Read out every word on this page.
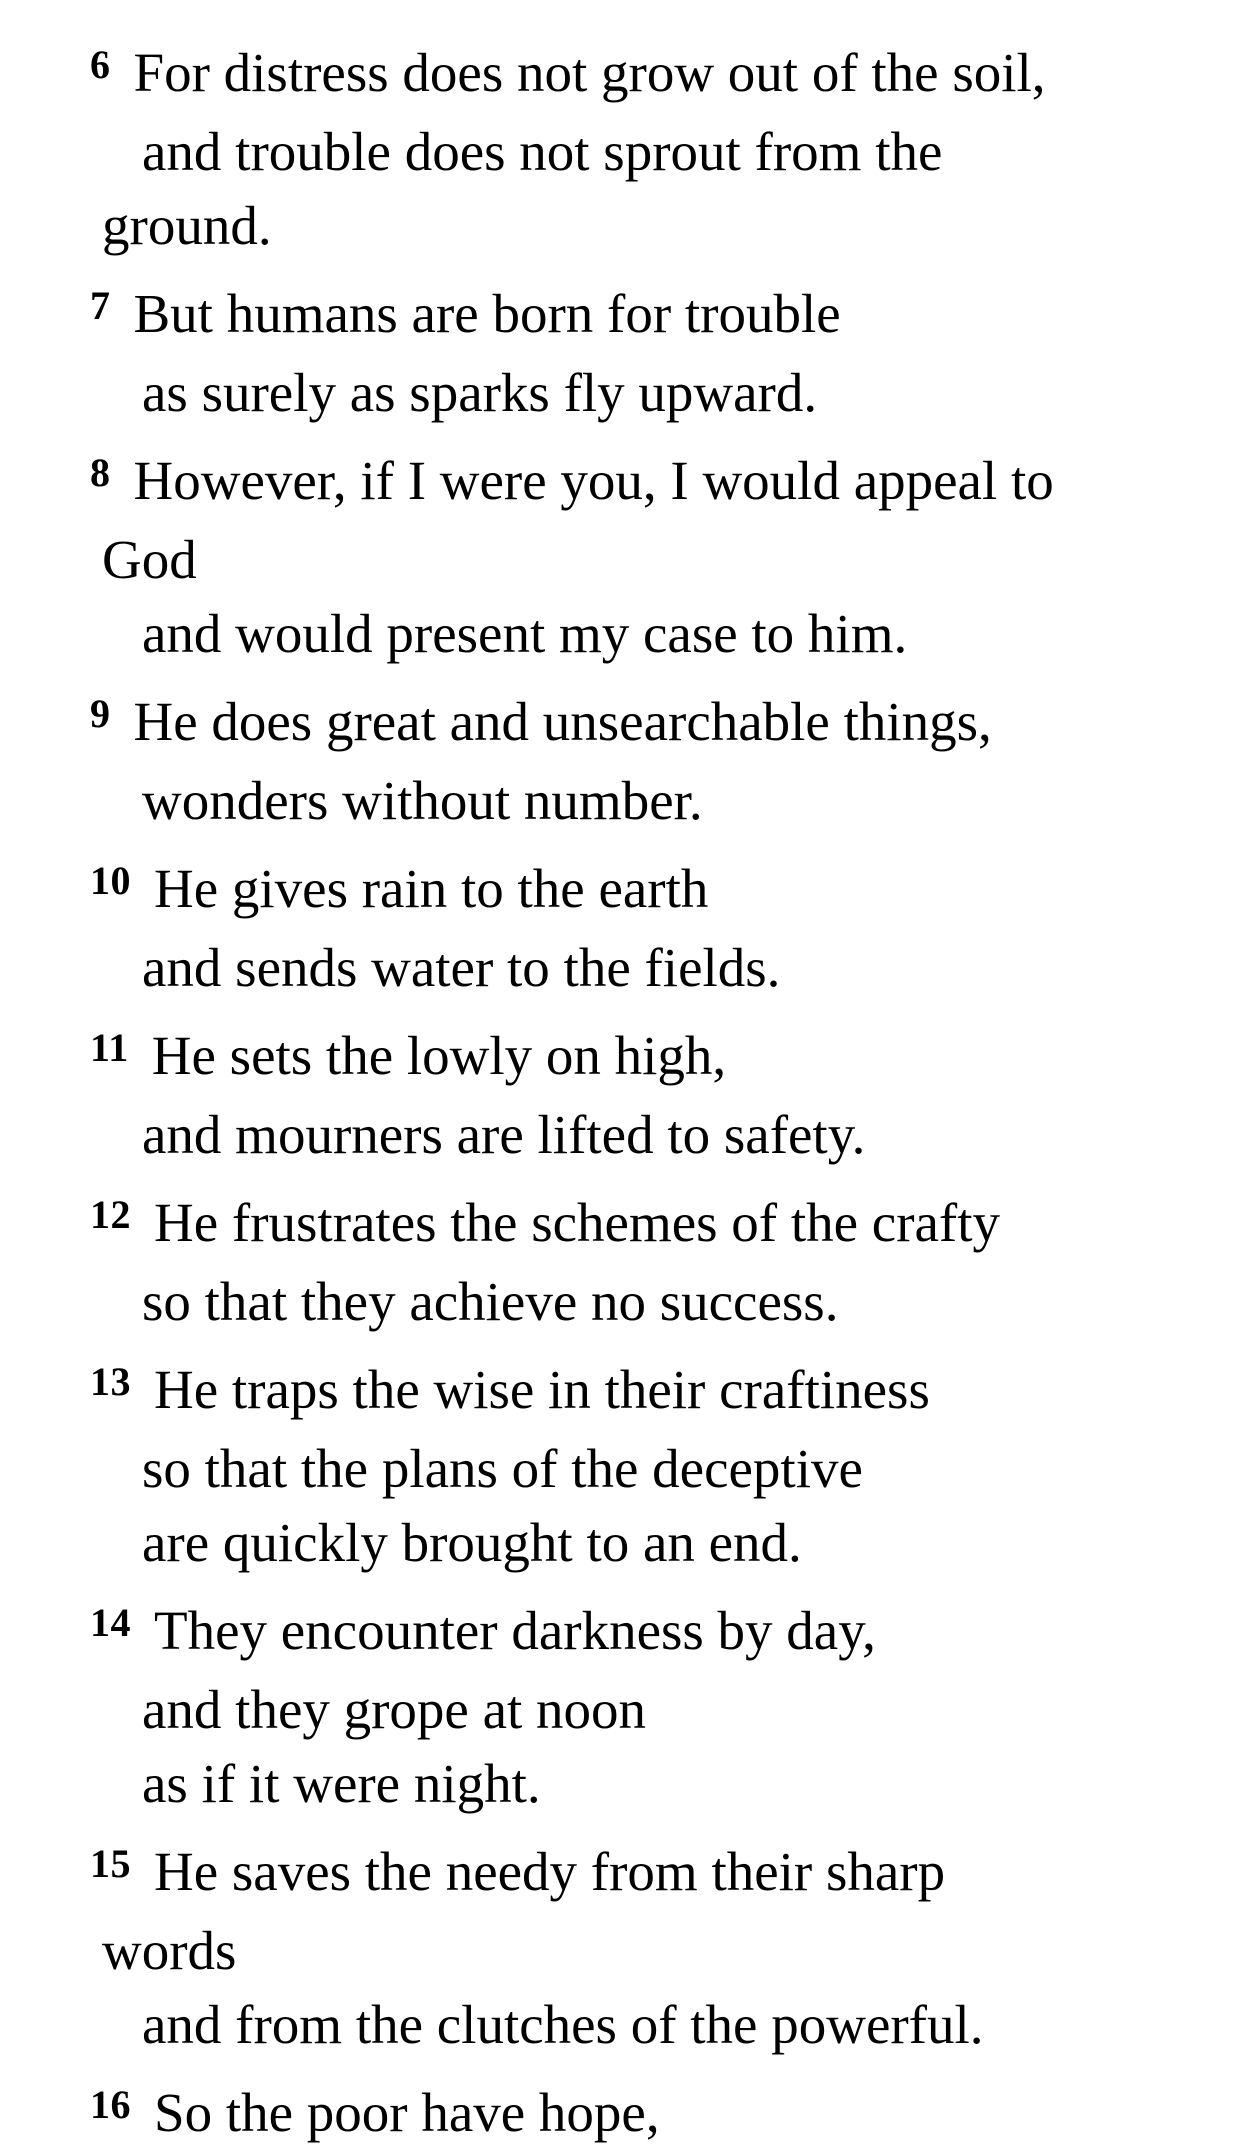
$^6$ For distress does not grow out of the soil,
and trouble does not sprout from the
ground.
$^7$ But humans are born for trouble
as surely as sparks fly upward.
$^8$ However, if I were you, I would appeal to
God
and would present my case to him.
$^9$ He does great and unsearchable things,
wonders without number.
$^{10}$ He gives rain to the earth
and sends water to the fields.
$^{11}$ He sets the lowly on high,
and mourners are lifted to safety.
$^{12}$ He frustrates the schemes of the crafty
so that they achieve no success.
$^{13}$ He traps the wise in their craftiness
so that the plans of the deceptive
are quickly brought to an end.
$^{14}$ They encounter darkness by day,
and they grope at noon
as if it were night.
$^{15}$ He saves the needy from their sharp
words
and from the clutches of the powerful.
$^{16}$ So the poor have hope,
